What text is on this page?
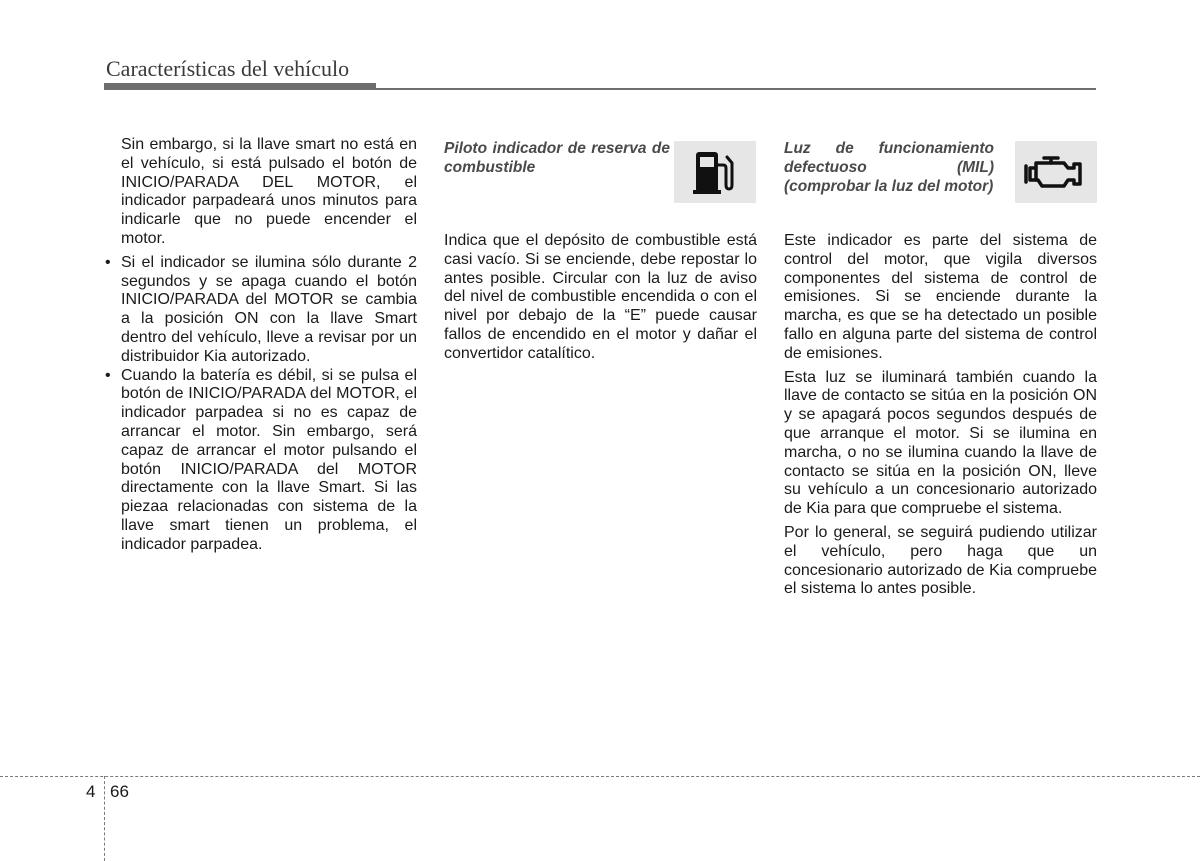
Características del vehículo

Sin embargo, si la llave smart no está en el vehículo, si está pulsado el botón de INICIO/PARADA DEL MOTOR, el indicador parpadeará unos minutos para indicarle que no puede encender el motor.

• Si el indicador se ilumina sólo durante 2 segundos y se apaga cuando el botón INICIO/PARADA del MOTOR se cambia a la posición ON con la llave Smart dentro del vehículo, lleve a revisar por un distribuidor Kia autorizado.
• Cuando la batería es débil, si se pulsa el botón de INICIO/PARADA del MOTOR, el indicador parpadea si no es capaz de arrancar el motor. Sin embargo, será capaz de arrancar el motor pulsando el botón INICIO/PARADA del MOTOR directamente con la llave Smart. Si las piezaa relacionadas con sistema de la llave smart tienen un problema, el indicador parpadea.

Piloto indicador de reserva de combustible

Indica que el depósito de combustible está casi vacío. Si se enciende, debe repostar lo antes posible. Circular con la luz de aviso del nivel de combustible encendida o con el nivel por debajo de la “E” puede causar fallos de encendido en el motor y dañar el convertidor catalítico.

Luz de funcionamiento defectuoso (MIL) (comprobar la luz del motor)

Este indicador es parte del sistema de control del motor, que vigila diversos componentes del sistema de control de emisiones. Si se enciende durante la marcha, es que se ha detectado un posible fallo en alguna parte del sistema de control de emisiones.

Esta luz se iluminará también cuando la llave de contacto se sitúa en la posición ON y se apagará pocos segundos después de que arranque el motor. Si se ilumina en marcha, o no se ilumina cuando la llave de contacto se sitúa en la posición ON, lleve su vehículo a un concesionario autorizado de Kia para que compruebe el sistema.

Por lo general, se seguirá pudiendo utilizar el vehículo, pero haga que un concesionario autorizado de Kia compruebe el sistema lo antes posible.

4 66
